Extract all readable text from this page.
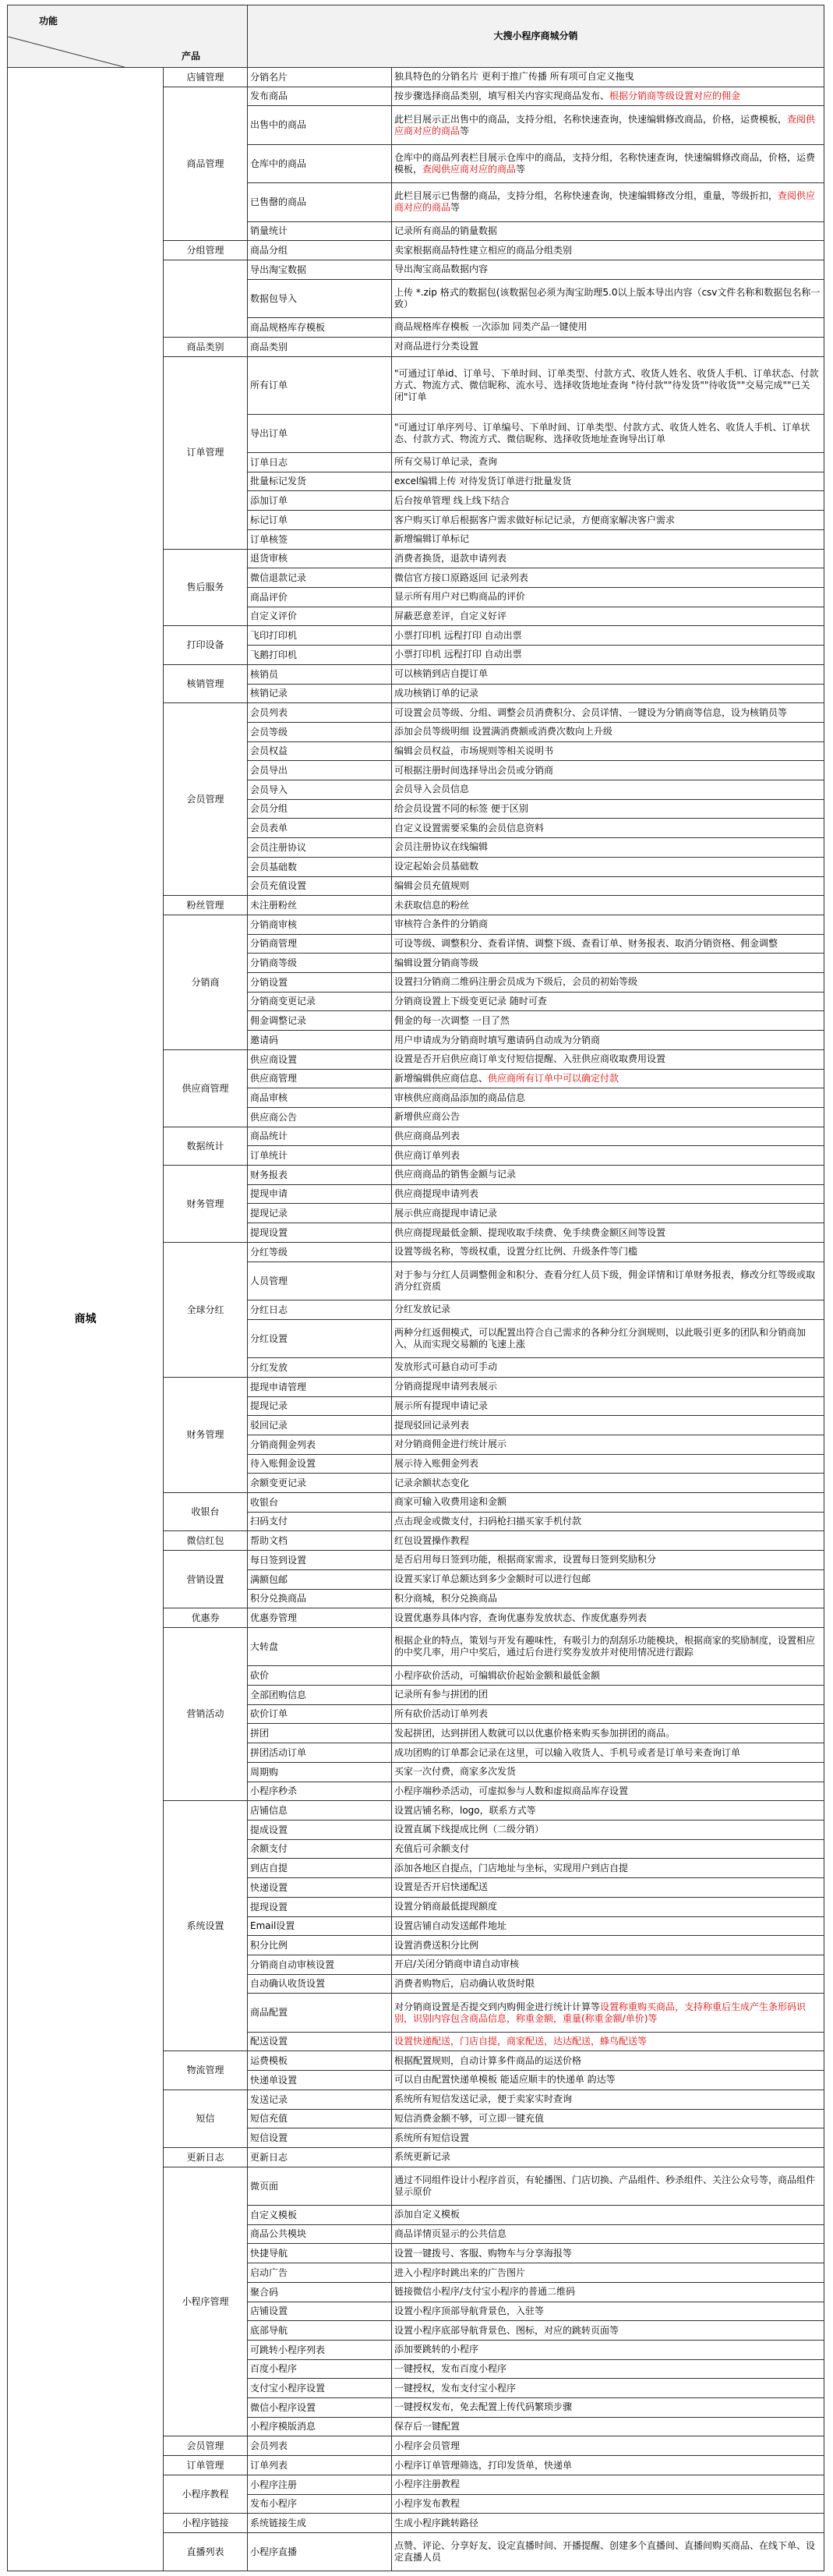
产品
功能		大搜小程序商城分销	
商城	店铺管理	分销名片	独具特色的分销名片 更利于推广传播 所有项可自定义拖曳
	商品管理	发布商品	按步骤选择商品类别，填写相关内容实现商品发布、根据分销商等级设置对应的佣金
		出售中的商品	此栏目展示正出售中的商品，支持分组，名称快速查询，快速编辑修改商品，价格，运费模板，查阅供应商对应的商品等
		仓库中的商品	仓库中的商品列表栏目展示仓库中的商品，支持分组，名称快速查询，快速编辑修改商品，价格，运费模板，查阅供应商对应的商品等
		已售罄的商品	此栏目展示已售罄的商品，支持分组，名称快速查询，快速编辑修改分组，重量，等级折扣，查阅供应商对应的商品等
		销量统计	记录所有商品的销量数据
	分组管理	商品分组	卖家根据商品特性建立相应的商品分组类别
		导出淘宝数据	导出淘宝商品数据内容
		数据包导入	上传 *.zip 格式的数据包(该数据包必须为淘宝助理5.0以上版本导出内容（csv文件名称和数据包名称一致）
		商品规格库存模板	商品规格库存模板 一次添加 同类产品一键使用
	商品类别	商品类别	对商品进行分类设置
	订单管理	所有订单	"可通过订单id、订单号、下单时间、订单类型、付款方式、收货人姓名、收货人手机、订单状态、付款方式、物流方式、微信昵称、流水号、选择收货地址查询 "待付款""待发货""待收货""交易完成""已关闭"订单
		导出订单	"可通过订单序列号、订单编号、下单时间、订单类型、付款方式、收货人姓名、收货人手机、订单状态、付款方式、物流方式、微信昵称、选择收货地址查询导出订单
		订单日志	所有交易订单记录，查询
		批量标记发货	excel编辑上传 对待发货订单进行批量发货
		添加订单	后台按单管理 线上线下结合
		标记订单	客户购买订单后根据客户需求做好标记记录，方便商家解决客户需求
		订单核签	新增编辑订单标记
	售后服务	退货审核	消费者换货，退款申请列表
		微信退款记录	微信官方接口原路返回 记录列表
		商品评价	显示所有用户对已购商品的评价
		自定义评价	屏蔽恶意差评，自定义好评
	打印设备	飞印打印机	小票打印机 远程打印 自动出票
		飞鹅打印机	小票打印机 远程打印 自动出票
	核销管理	核销员	可以核销到店自提订单
		核销记录	成功核销订单的记录
	会员管理	会员列表	可设置会员等级、分组、调整会员消费积分、会员详情、一键设为分销商等信息，设为核销员等
		会员等级	添加会员等级明细 设置满消费额或消费次数向上升级
		会员权益	编辑会员权益，市场规则等相关说明书
		会员导出	可根据注册时间选择导出会员或分销商
		会员导入	会员导入会员信息
		会员分组	给会员设置不同的标签 便于区别
		会员表单	自定义设置需要采集的会员信息资料
		会员注册协议	会员注册协议在线编辑
		会员基础数	设定起始会员基础数
		会员充值设置	编辑会员充值规则
	粉丝管理	未注册粉丝	未获取信息的粉丝
	分销商	分销商审核	审核符合条件的分销商
		分销商管理	可设等级、调整积分、查看详情、调整下级、查看订单、财务报表、取消分销资格、佣金调整
		分销商等级	编辑设置分销商等级
		分销设置	设置扫分销商二维码注册会员成为下级后，会员的初始等级
		分销商变更记录	分销商设置上下级变更记录 随时可查
		佣金调整记录	佣金的每一次调整 一目了然
		邀请码	用户申请成为分销商时填写邀请码自动成为分销商
	供应商管理	供应商设置	设置是否开启供应商订单支付短信提醒、入驻供应商收取费用设置
		供应商管理	新增编辑供应商信息、供应商所有订单中可以确定付款
		商品审核	审核供应商商品添加的商品信息
		供应商公告	新增供应商公告
	数据统计	商品统计	供应商商品列表
		订单统计	供应商订单列表
	财务管理	财务报表	供应商商品的销售金额与记录
		提现申请	供应商提现申请列表
		提现记录	展示供应商提现申请记录
		提现设置	供应商提现最低金额、提现收取手续费、免手续费金额区间等设置
	全球分红	分红等级	设置等级名称，等级权重，设置分红比例、升级条件等门槛
		人员管理	对于参与分红人员调整佣金和积分、查看分红人员下级，佣金详情和订单财务报表，修改分红等级或取消分红资质
		分红日志	分红发放记录
		分红设置	两种分红返佣模式，可以配置出符合自己需求的各种分红分润规则，以此吸引更多的团队和分销商加入，从而实现交易额的飞速上涨
		分红发放	发放形式可悬自动可手动
	财务管理	提现申请管理	分销商提现申请列表展示
		提现记录	展示所有提现申请记录
		驳回记录	提现驳回记录列表
		分销商佣金列表	对分销商佣金进行统计展示
		待入账佣金设置	展示待入账佣金列表
		余额变更记录	记录余额状态变化
	收银台	收银台	商家可输入收费用途和金额
		扫码支付	点击现金或微支付，扫码枪扫描买家手机付款
	微信红包	帮助文档	红包设置操作教程
	营销设置	每日签到设置	是否启用每日签到功能，根据商家需求，设置每日签到奖励积分
		满额包邮	设置买家订单总额达到多少金额时可以进行包邮
		积分兑换商品	积分商城，积分兑换商品
	优惠券	优惠券管理	设置优惠券具体内容，查询优惠券发放状态、作废优惠券列表
	营销活动	大转盘	根据企业的特点，策划与开发有趣味性，有吸引力的刮刮乐功能模块，根据商家的奖励制度，设置相应的中奖几率，用户中奖后，通过后台进行奖券发放并对使用情况进行跟踪
		砍价	小程序砍价活动，可编辑砍价起始金额和最低金额
		全部团购信息	记录所有参与拼团的团
		砍价订单	所有砍价活动订单列表
		拼团	发起拼团，达到拼团人数就可以以优惠价格来购买参加拼团的商品。
		拼团活动订单	成功团购的订单都会记录在这里，可以输入收货人、手机号或者是订单号来查询订单
		周期购	买家一次付费，商家多次发货
		小程序秒杀	小程序端秒杀活动，可虚拟参与人数和虚拟商品库存设置
	系统设置	店铺信息	设置店铺名称，logo，联系方式等
		提成设置	设置直属下线提成比例（二级分销）
		余额支付	充值后可余额支付
		到店自提	添加各地区自提点，门店地址与坐标，实现用户到店自提
		快递设置	设置是否开启快递配送
		提现设置	设置分销商最低提现额度
		Email设置	设置店铺自动发送邮件地址
		积分比例	设置消费送积分比例
		分销商自动审核设置	开启/关闭分销商申请自动审核
		自动确认收货设置	消费者购物后，启动确认收货时限
		商品配置	对分销商设置是否提交到内购佣金进行统计计算等设置称重购买商品，支持称重后生成产生条形码识别，识别内容包含商品信息，称重金额，重量(称重金额/单价)等
		配送设置	设置快递配送，门店自提，商家配送，达达配送，蜂鸟配送等
	物流管理	运费模板	根据配置规则，自动计算多件商品的运送价格
		快递单设置	可以自由配置快递单模板 能适应顺丰的快递单 韵达等
	短信	发送记录	系统所有短信发送记录，便于卖家实时查询
		短信充值	短信消费金额不够，可立即一键充值
		短信设置	系统所有短信设置
	更新日志	更新日志	系统更新记录
	小程序管理	微页面	通过不同组件设计小程序首页，有轮播图、门店切换、产品组件、秒杀组件、关注公众号等，商品组件显示原价
		自定义模板	添加自定义模板
		商品公共模块	商品详情页显示的公共信息
		快捷导航	设置一键拨号、客服、购物车与分享海报等
		启动广告	进入小程序时跳出来的广告图片
		聚合码	链接微信小程序/支付宝小程序的普通二维码
		店铺设置	设置小程序顶部导航背景色，入驻等
		底部导航	设置小程序底部导航背景色、图标，对应的跳转页面等
		可跳转小程序列表	添加要跳转的小程序
		百度小程序	一键授权，发布百度小程序
		支付宝小程序设置	一键授权，发布支付宝小程序
		微信小程序设置	一键授权发布，免去配置上传代码繁琐步骤
		小程序模版消息	保存后一键配置
	会员管理	会员列表	小程序会员管理
	订单管理	订单列表	小程序订单管理筛选，打印发货单，快递单
	小程序教程	小程序注册	小程序注册教程
		发布小程序	小程序发布教程
	小程序链接	系统链接生成	生成小程序跳转路径
	直播列表	小程序直播	点赞、评论、分享好友、设定直播时间、开播提醒、创建多个直播间、直播间购买商品、在线下单、设定直播人员
